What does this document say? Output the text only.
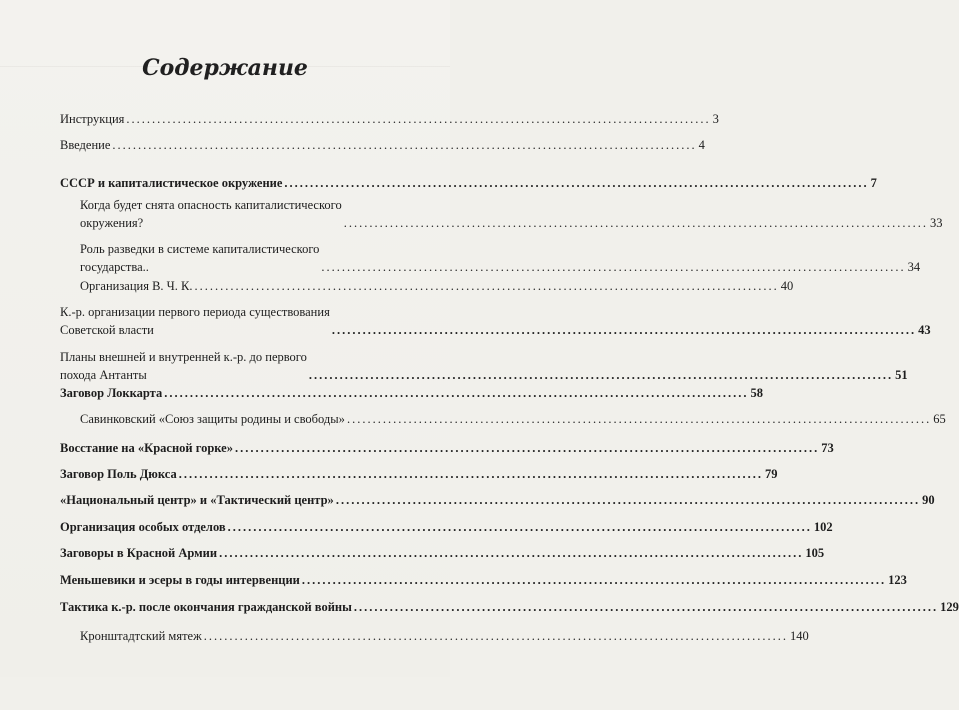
Содержание
Инструкция .................................................................................................................. 3
Введение .................................................................................................................. 4
СССР и капиталистическое окружение .................................................................................................................. 7
Когда будет снята опасность капиталистического
окружения?	.................................................................................................................. 33
Роль разведки в системе капиталистического
государства..	.................................................................................................................. 34
Организация В. Ч. К. .................................................................................................................. 40
К.-р. организации первого периода существования
Советской власти	.................................................................................................................. 43
Планы внешней и внутренней к.-р. до первого
похода Антанты	.................................................................................................................. 51
Заговор Локкарта .................................................................................................................. 58
Савинковский «Союз защиты родины и свободы» .................................................................................................................. 65
Восстание на «Красной горке» .................................................................................................................. 73
Заговор Поль Дюкса .................................................................................................................. 79
«Национальный центр» и «Тактический центр» .................................................................................................................. 90
Организация особых отделов .................................................................................................................. 102
Заговоры в Красной Армии .................................................................................................................. 105
Меньшевики и эсеры в годы интервенции .................................................................................................................. 123
Тактика к.-р. после окончания гражданской войны .................................................................................................................. 129
Кронштадтский мятеж .................................................................................................................. 140
